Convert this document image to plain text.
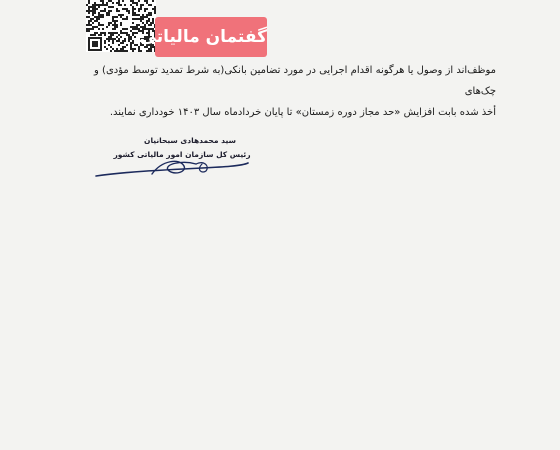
گفتمان مالیاتی

موظف‌اند از وصول یا هرگونه اقدام اجرایی در مورد تضامین بانکی(به شرط تمدید توسط مؤدی) و چک‌های

أخذ شده بابت افزایش «حد مجاز دوره زمستان» تا پایان خردادماه سال ۱۴۰۳ خودداری نمایند.

سید محمدهادی سبحانیان
رئیس کل سازمان امور مالیاتی کشور
